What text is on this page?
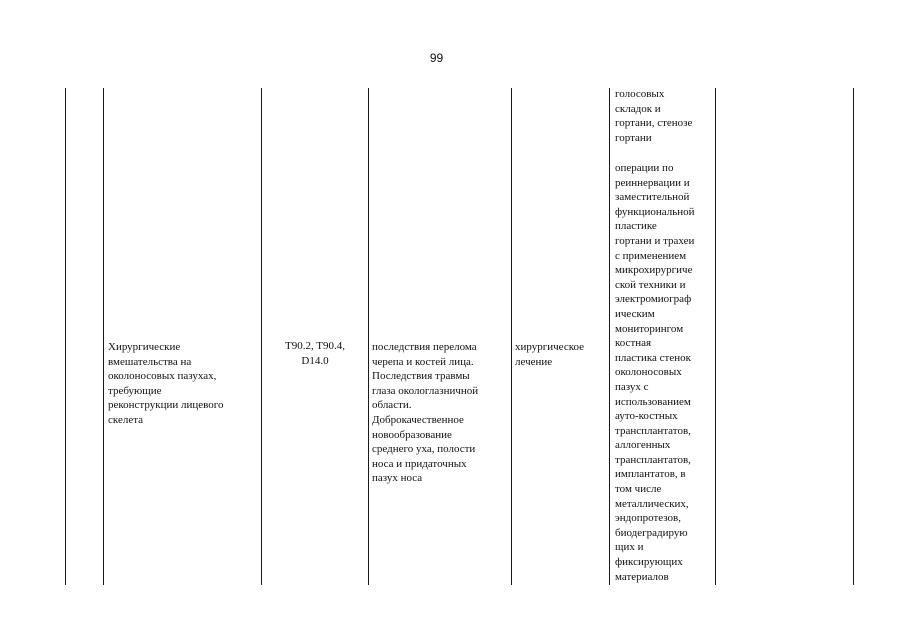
99
Хирургические
вмешательства на
околоносовых пазухах,
требующие
реконструкции лицевого
скелета
T90.2, T90.4,
D14.0
последствия перелома
черепа и костей лица.
Последствия травмы
глаза окологлазничной
области.
Доброкачественное
новообразование
среднего уха, полости
носа и придаточных
пазух носа
хирургическое
лечение
голосовых
складок и
гортани, стенозе
гортани
операции по
реиннервации и
заместительной
функциональной
пластике
гортани и трахеи
с применением
микрохирургиче
ской техники и
электромиограф
ическим
мониторингом
костная
пластика стенок
околоносовых
пазух с
использованием
ауто-костных
трансплантатов,
аллогенных
трансплантатов,
имплантатов, в
том числе
металлических,
эндопротезов,
биодеградирую
щих и
фиксирующих
материалов
